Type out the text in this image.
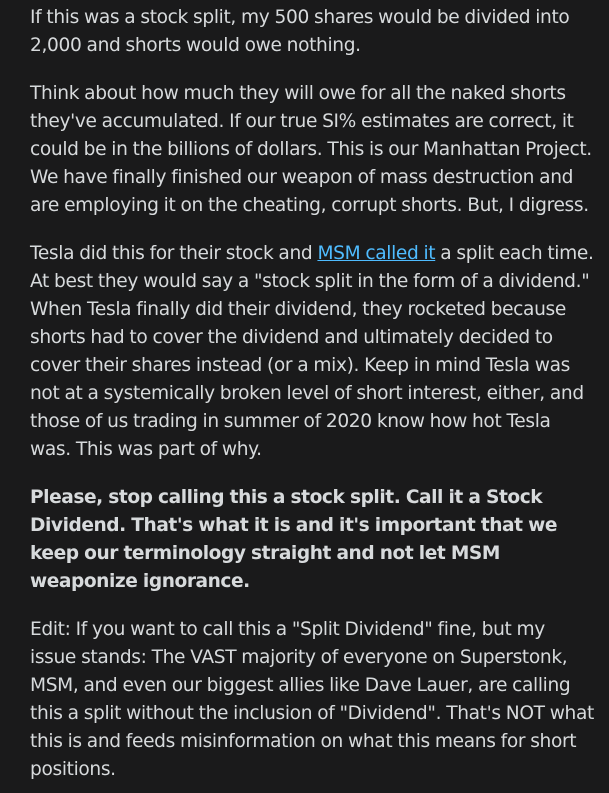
If this was a stock split, my 500 shares would be divided into 2,000 and shorts would owe nothing.

Think about how much they will owe for all the naked shorts they've accumulated. If our true SI% estimates are correct, it could be in the billions of dollars. This is our Manhattan Project. We have finally finished our weapon of mass destruction and are employing it on the cheating, corrupt shorts. But, I digress.

Tesla did this for their stock and MSM called it a split each time. At best they would say a "stock split in the form of a dividend." When Tesla finally did their dividend, they rocketed because shorts had to cover the dividend and ultimately decided to cover their shares instead (or a mix). Keep in mind Tesla was not at a systemically broken level of short interest, either, and those of us trading in summer of 2020 know how hot Tesla was. This was part of why.

Please, stop calling this a stock split. Call it a Stock Dividend. That's what it is and it's important that we keep our terminology straight and not let MSM weaponize ignorance.

Edit: If you want to call this a "Split Dividend" fine, but my issue stands: The VAST majority of everyone on Superstonk, MSM, and even our biggest allies like Dave Lauer, are calling this a split without the inclusion of "Dividend". That's NOT what this is and feeds misinformation on what this means for short positions.
